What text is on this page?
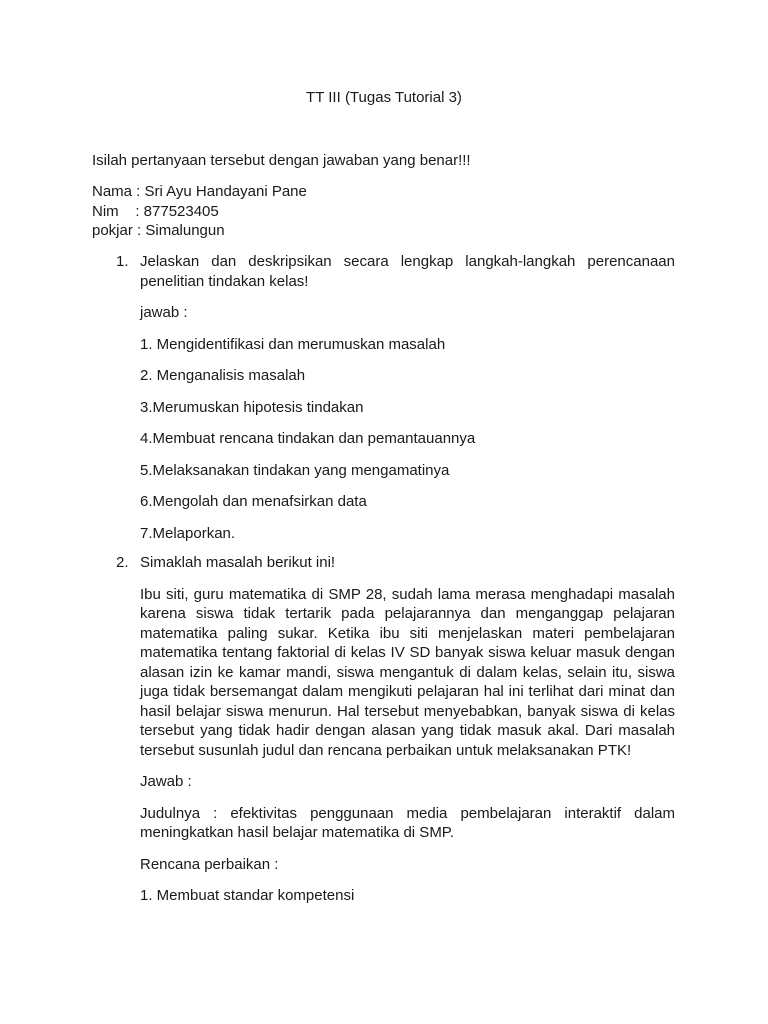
TT III (Tugas Tutorial 3)
Isilah pertanyaan tersebut dengan jawaban yang benar!!!
Nama : Sri Ayu Handayani Pane
Nim    : 877523405
pokjar : Simalungun
1. Jelaskan dan deskripsikan secara lengkap langkah-langkah perencanaan penelitian tindakan kelas!

jawab :

1. Mengidentifikasi dan merumuskan masalah

2. Menganalisis masalah

3.Merumuskan hipotesis tindakan

4.Membuat rencana tindakan dan pemantauannya

5.Melaksanakan tindakan yang mengamatinya

6.Mengolah dan menafsirkan data

7.Melaporkan.

2. Simaklah masalah berikut ini!

Ibu siti, guru matematika di SMP 28, sudah lama merasa menghadapi masalah karena siswa tidak tertarik pada pelajarannya dan menganggap pelajaran matematika paling sukar. Ketika ibu siti menjelaskan materi pembelajaran matematika tentang faktorial di kelas IV SD banyak siswa keluar masuk dengan alasan izin ke kamar mandi, siswa mengantuk di dalam kelas, selain itu, siswa juga tidak bersemangat dalam mengikuti pelajaran hal ini terlihat dari minat dan hasil belajar siswa menurun. Hal tersebut menyebabkan, banyak siswa di kelas tersebut yang tidak hadir dengan alasan yang tidak masuk akal. Dari masalah tersebut susunlah judul dan rencana perbaikan untuk melaksanakan PTK!

Jawab :

Judulnya : efektivitas penggunaan media pembelajaran interaktif dalam meningkatkan hasil belajar matematika di SMP.

Rencana perbaikan :

1. Membuat standar kompetensi
